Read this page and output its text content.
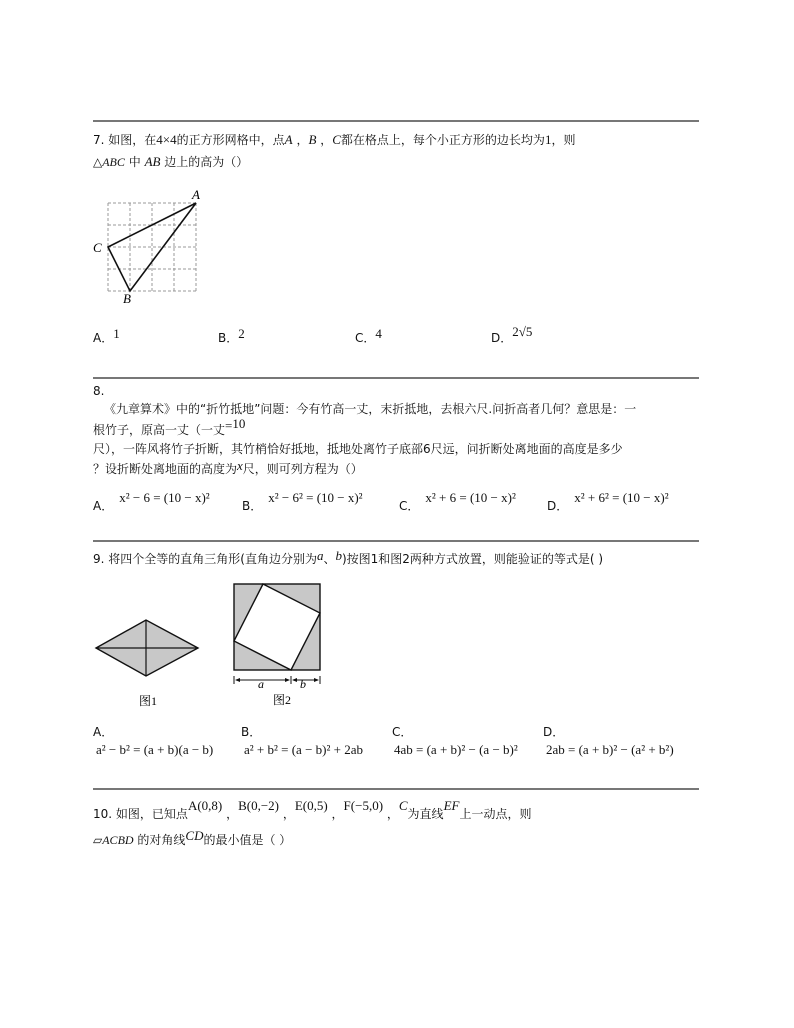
7. 如图，在4×4的正方形网格中，点A ，B ，C都在格点上，每个小正方形的边长均为1，则
△ABC 中 AB 边上的高为（）
A
C
B
A．1	B．2	C．4	D．2√5
8.
《九章算术》中的“折竹抵地”问题：今有竹高一丈，末折抵地，去根六尺.问折高者几何？意思是：一
根竹子，原高一丈（一丈=10
尺），一阵风将竹子折断，其竹梢恰好抵地，抵地处离竹子底部6尺远，问折断处离地面的高度是多少
？设折断处离地面的高度为x尺，则可列方程为（）
A．x² − 6 = (10 − x)²
B．x² − 6² = (10 − x)²
C．x² + 6 = (10 − x)²
D．x² + 6² = (10 − x)²
9. 将四个全等的直角三角形(直角边分别为a、b)按图1和图2两种方式放置，则能验证的等式是( )
图1
a	b
图2
A．
a² − b² = (a + b)(a − b)
B．
a² + b² = (a − b)² + 2ab
C．
4ab = (a + b)² − (a − b)²
D．
2ab = (a + b)² − (a² + b²)
10. 如图，已知点A(0,8) ，B(0,−2) ，E(0,5) ，F(−5,0) ，C为直线EF上一动点，则
▱ACBD 的对角线CD的最小值是（ ）
